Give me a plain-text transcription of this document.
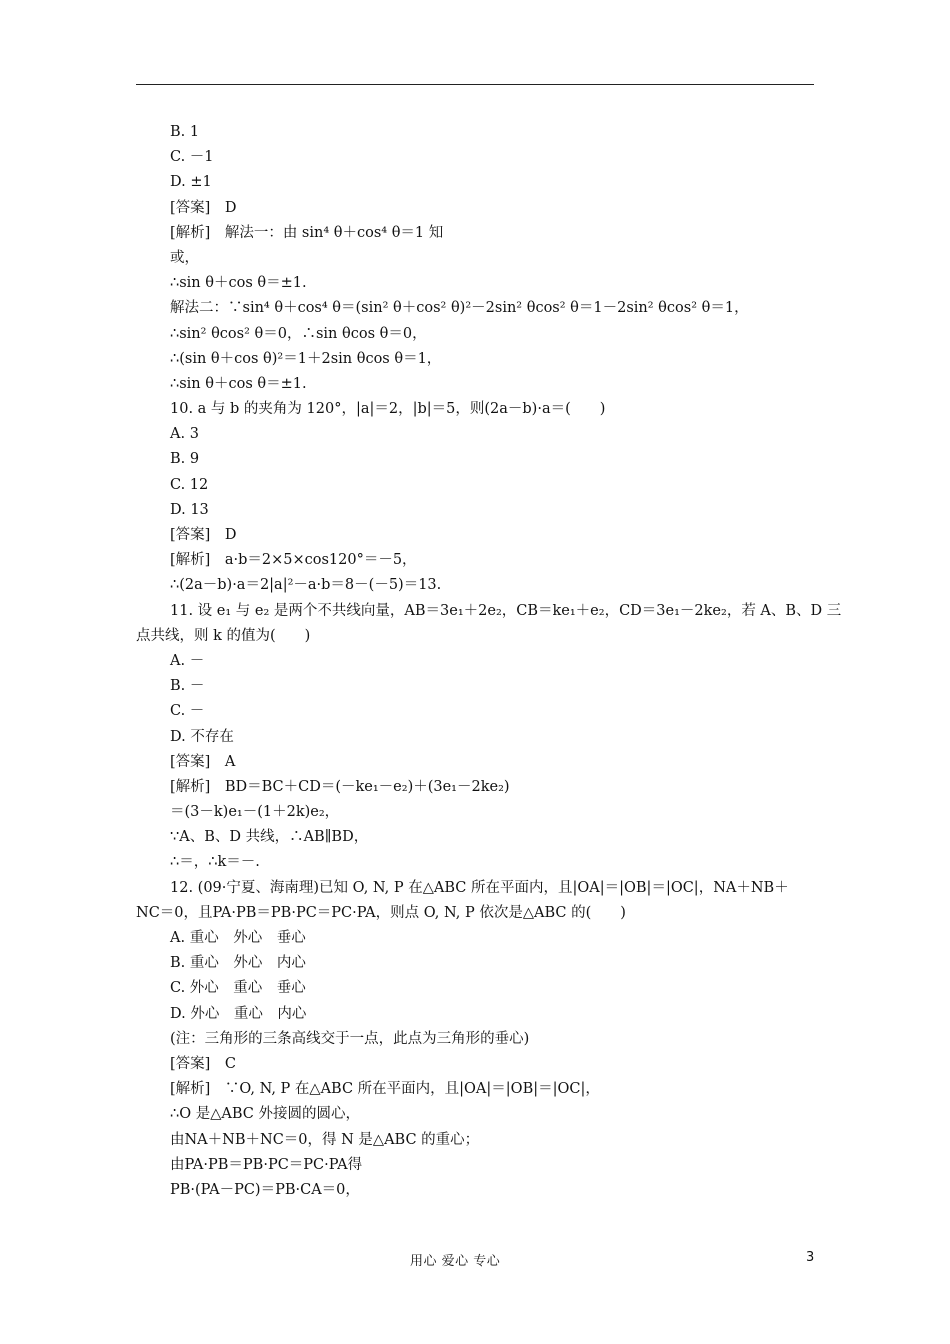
B. 1
C. －1
D. ±1
[答案]　D
[解析]　解法一：由 sin⁴ θ＋cos⁴ θ＝1 知
或，
∴sin θ＋cos θ＝±1.
解法二：∵sin⁴ θ＋cos⁴ θ＝(sin² θ＋cos² θ)²－2sin² θcos² θ＝1－2sin² θcos² θ＝1，
∴sin² θcos² θ＝0，∴sin θcos θ＝0，
∴(sin θ＋cos θ)²＝1＋2sin θcos θ＝1，
∴sin θ＋cos θ＝±1.
10. a 与 b 的夹角为 120°，|a|＝2，|b|＝5，则(2a－b)·a＝(　　)
A. 3
B. 9
C. 12
D. 13
[答案]　D
[解析]　a·b＝2×5×cos120°＝－5，
∴(2a－b)·a＝2|a|²－a·b＝8－(－5)＝13.
11. 设 e₁ 与 e₂ 是两个不共线向量，AB＝3e₁＋2e₂，CB＝ke₁＋e₂，CD＝3e₁－2ke₂，若 A、B、D 三
点共线，则 k 的值为(　　)
A. －
B. －
C. －
D. 不存在
[答案]　A
[解析]　BD＝BC＋CD＝(－ke₁－e₂)＋(3e₁－2ke₂)
＝(3－k)e₁－(1＋2k)e₂，
∵A、B、D 共线，∴AB∥BD，
∴＝，∴k＝－.
12. (09·宁夏、海南理)已知 O, N, P 在△ABC 所在平面内，且|OA|＝|OB|＝|OC|，NA＋NB＋
NC＝0，且PA·PB＝PB·PC＝PC·PA，则点 O, N, P 依次是△ABC 的(　　)
A. 重心　外心　垂心
B. 重心　外心　内心
C. 外心　重心　垂心
D. 外心　重心　内心
(注：三角形的三条高线交于一点，此点为三角形的垂心)
[答案]　C
[解析]　∵O, N, P 在△ABC 所在平面内，且|OA|＝|OB|＝|OC|，
∴O 是△ABC 外接圆的圆心，
由NA＋NB＋NC＝0，得 N 是△ABC 的重心；
由PA·PB＝PB·PC＝PC·PA得
PB·(PA－PC)＝PB·CA＝0，
用心 爱心 专心	3
